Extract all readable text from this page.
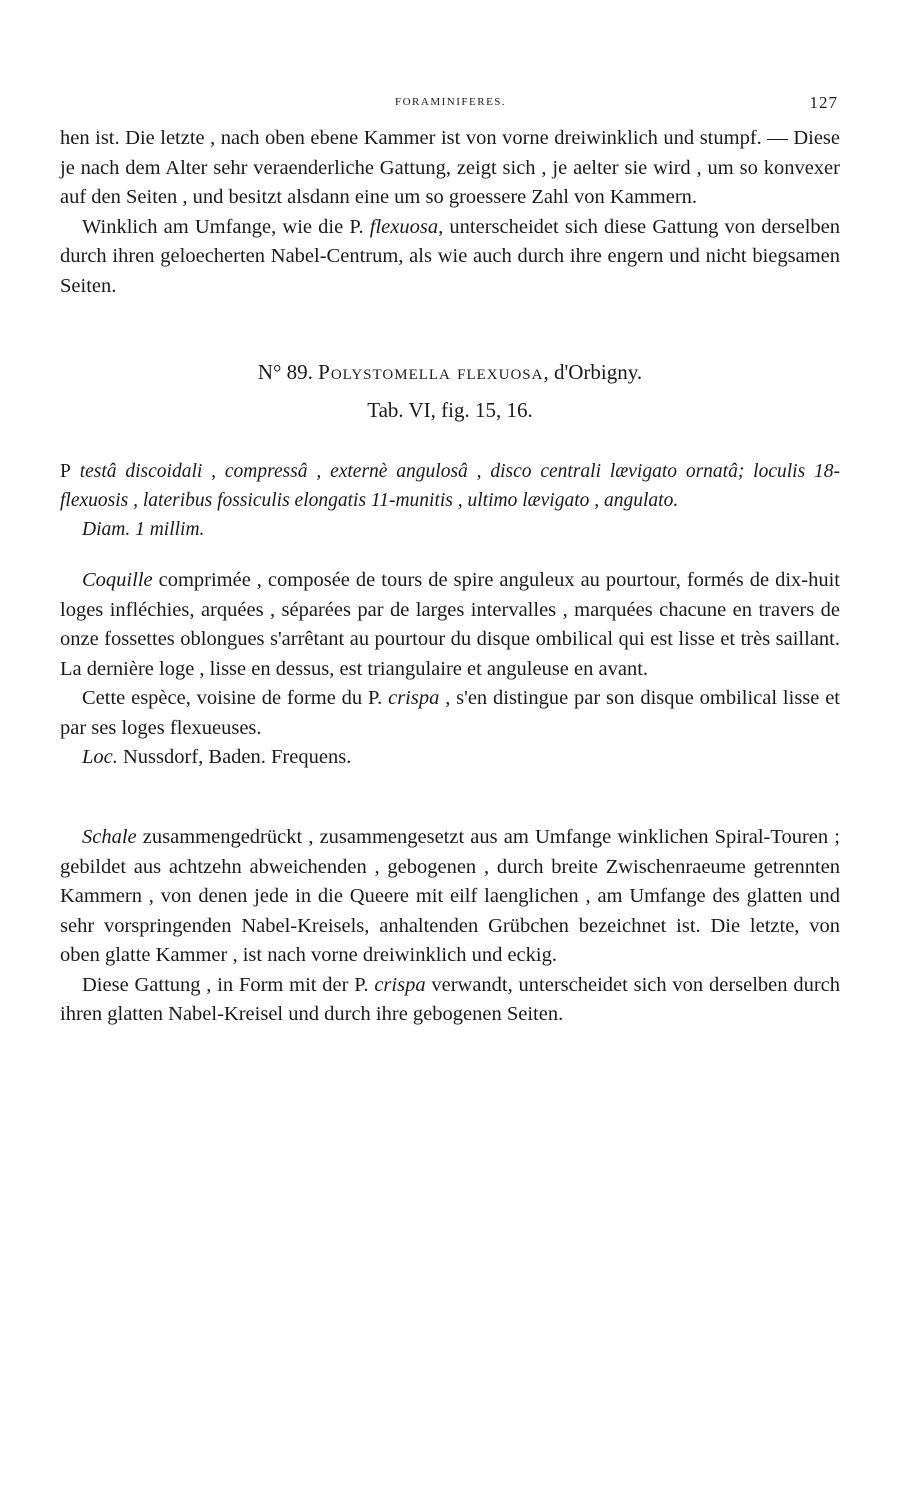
FORAMINIFERES.	127

hen ist. Die letzte , nach oben ebene Kammer ist von vorne dreiwinklich und stumpf. — Diese je nach dem Alter sehr veraenderliche Gattung, zeigt sich , je aelter sie wird , um so konvexer auf den Seiten , und besitzt alsdann eine um so groessere Zahl von Kammern.

Winklich am Umfange, wie die P. flexuosa, unterscheidet sich diese Gattung von derselben durch ihren geloecherten Nabel-Centrum, als wie auch durch ihre engern und nicht biegsamen Seiten.

N° 89. Polystomella flexuosa, d'Orbigny.
Tab. VI, fig. 15, 16.

P testâ discoidali , compressâ , externè angulosâ , disco centrali lævigato ornatâ; loculis 18-flexuosis , lateribus fossiculis elongatis 11-munitis , ultimo lævigato , angulato.

Diam. 1 millim.

Coquille comprimée , composée de tours de spire anguleux au pourtour, formés de dix-huit loges infléchies, arquées , séparées par de larges intervalles , marquées chacune en travers de onze fossettes oblongues s'arrêtant au pourtour du disque ombilical qui est lisse et très saillant. La dernière loge , lisse en dessus, est triangulaire et anguleuse en avant.

Cette espèce, voisine de forme du P. crispa , s'en distingue par son disque ombilical lisse et par ses loges flexueuses.

Loc. Nussdorf, Baden. Frequens.

Schale zusammengedrückt , zusammengesetzt aus am Umfange winklichen Spiral-Touren ; gebildet aus achtzehn abweichenden , gebogenen , durch breite Zwischenraeume getrennten Kammern , von denen jede in die Queere mit eilf laenglichen , am Umfange des glatten und sehr vorspringenden Nabel-Kreisels, anhaltenden Grübchen bezeichnet ist. Die letzte, von oben glatte Kammer , ist nach vorne dreiwinklich und eckig.

Diese Gattung , in Form mit der P. crispa verwandt, unterscheidet sich von derselben durch ihren glatten Nabel-Kreisel und durch ihre gebogenen Seiten.
